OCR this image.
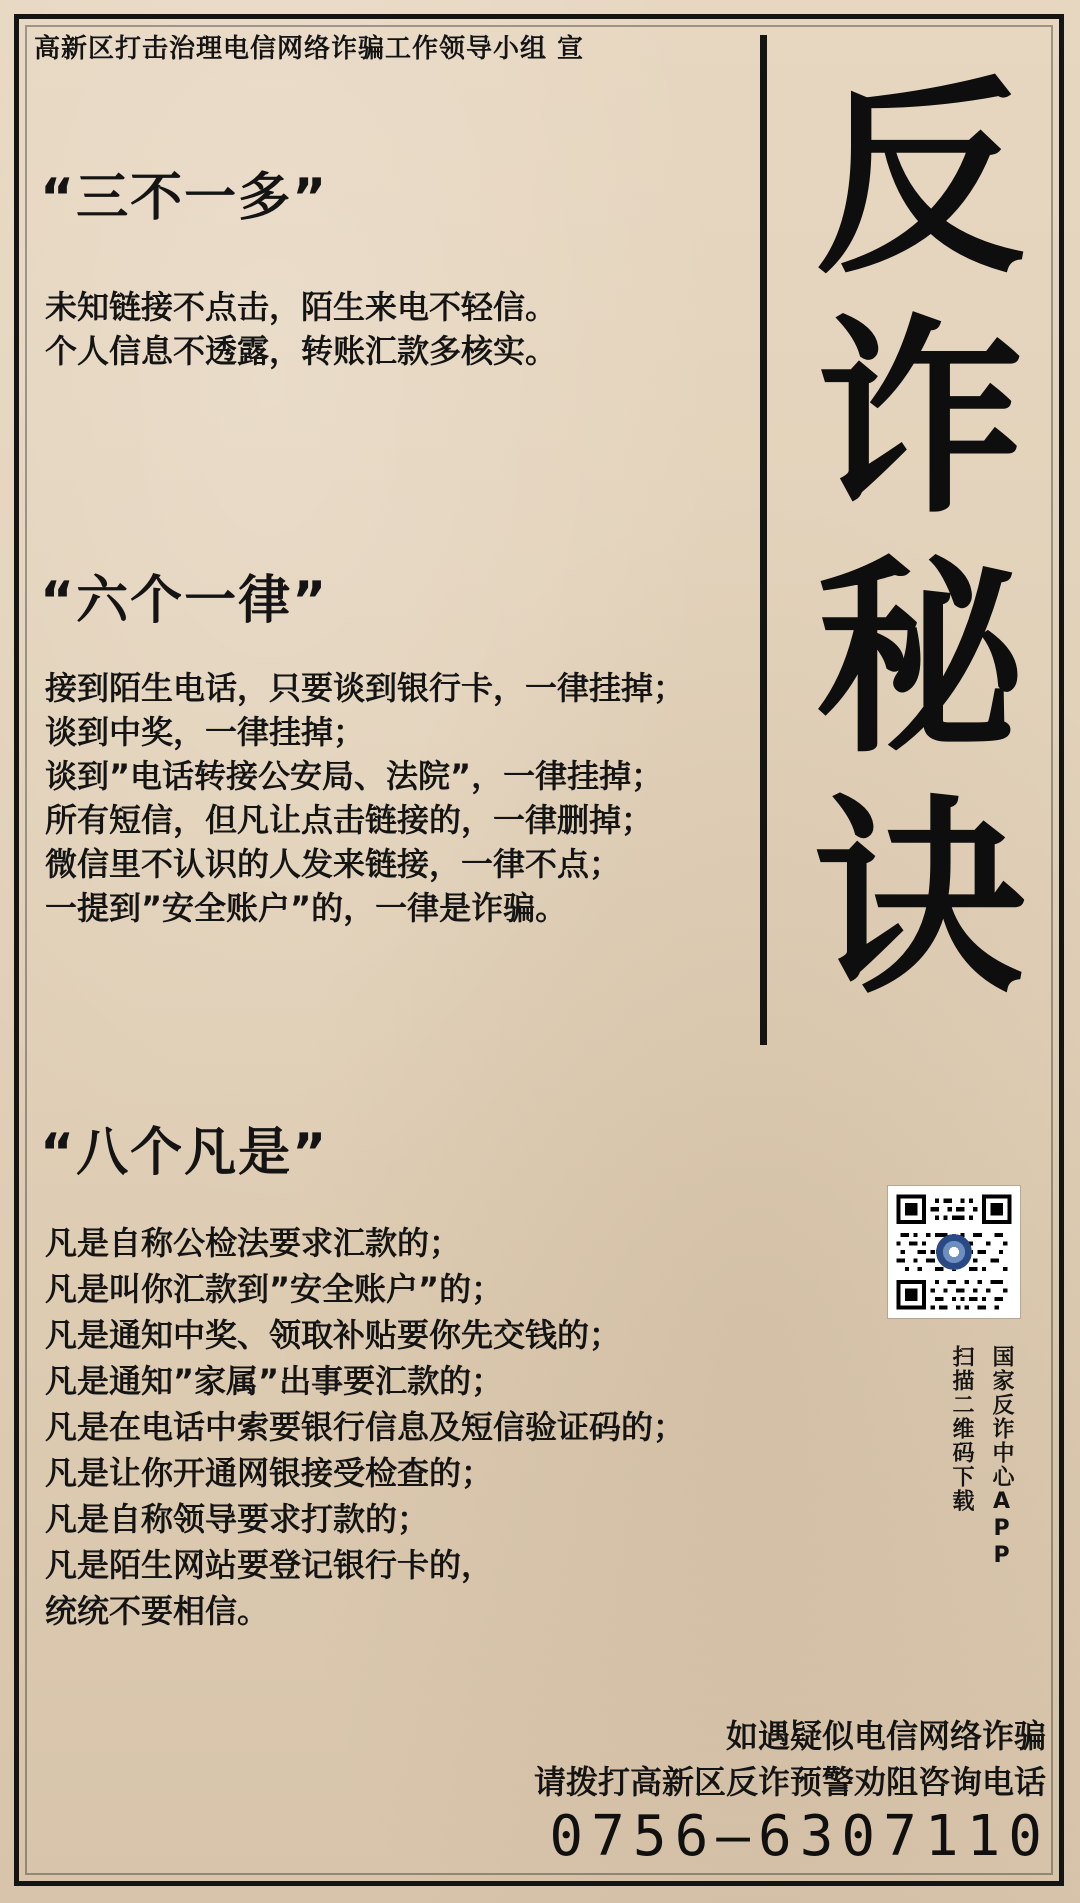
高新区打击治理电信网络诈骗工作领导小组 宣
“三不一多”
未知链接不点击，陌生来电不轻信。
个人信息不透露，转账汇款多核实。
“六个一律”
接到陌生电话，只要谈到银行卡，一律挂掉；
谈到中奖，一律挂掉；
谈到”电话转接公安局、法院”，一律挂掉；
所有短信，但凡让点击链接的，一律删掉；
微信里不认识的人发来链接，一律不点；
一提到”安全账户”的，一律是诈骗。
“八个凡是”
凡是自称公检法要求汇款的；
凡是叫你汇款到”安全账户”的；
凡是通知中奖、领取补贴要你先交钱的；
凡是通知”家属”出事要汇款的；
凡是在电话中索要银行信息及短信验证码的；
凡是让你开通网银接受检查的；
凡是自称领导要求打款的；
凡是陌生网站要登记银行卡的，
统统不要相信。
反
诈
秘
诀
国家反诈中心APP
扫描二维码下载
如遇疑似电信网络诈骗
请拨打高新区反诈预警劝阻咨询电话
0756—6307110
